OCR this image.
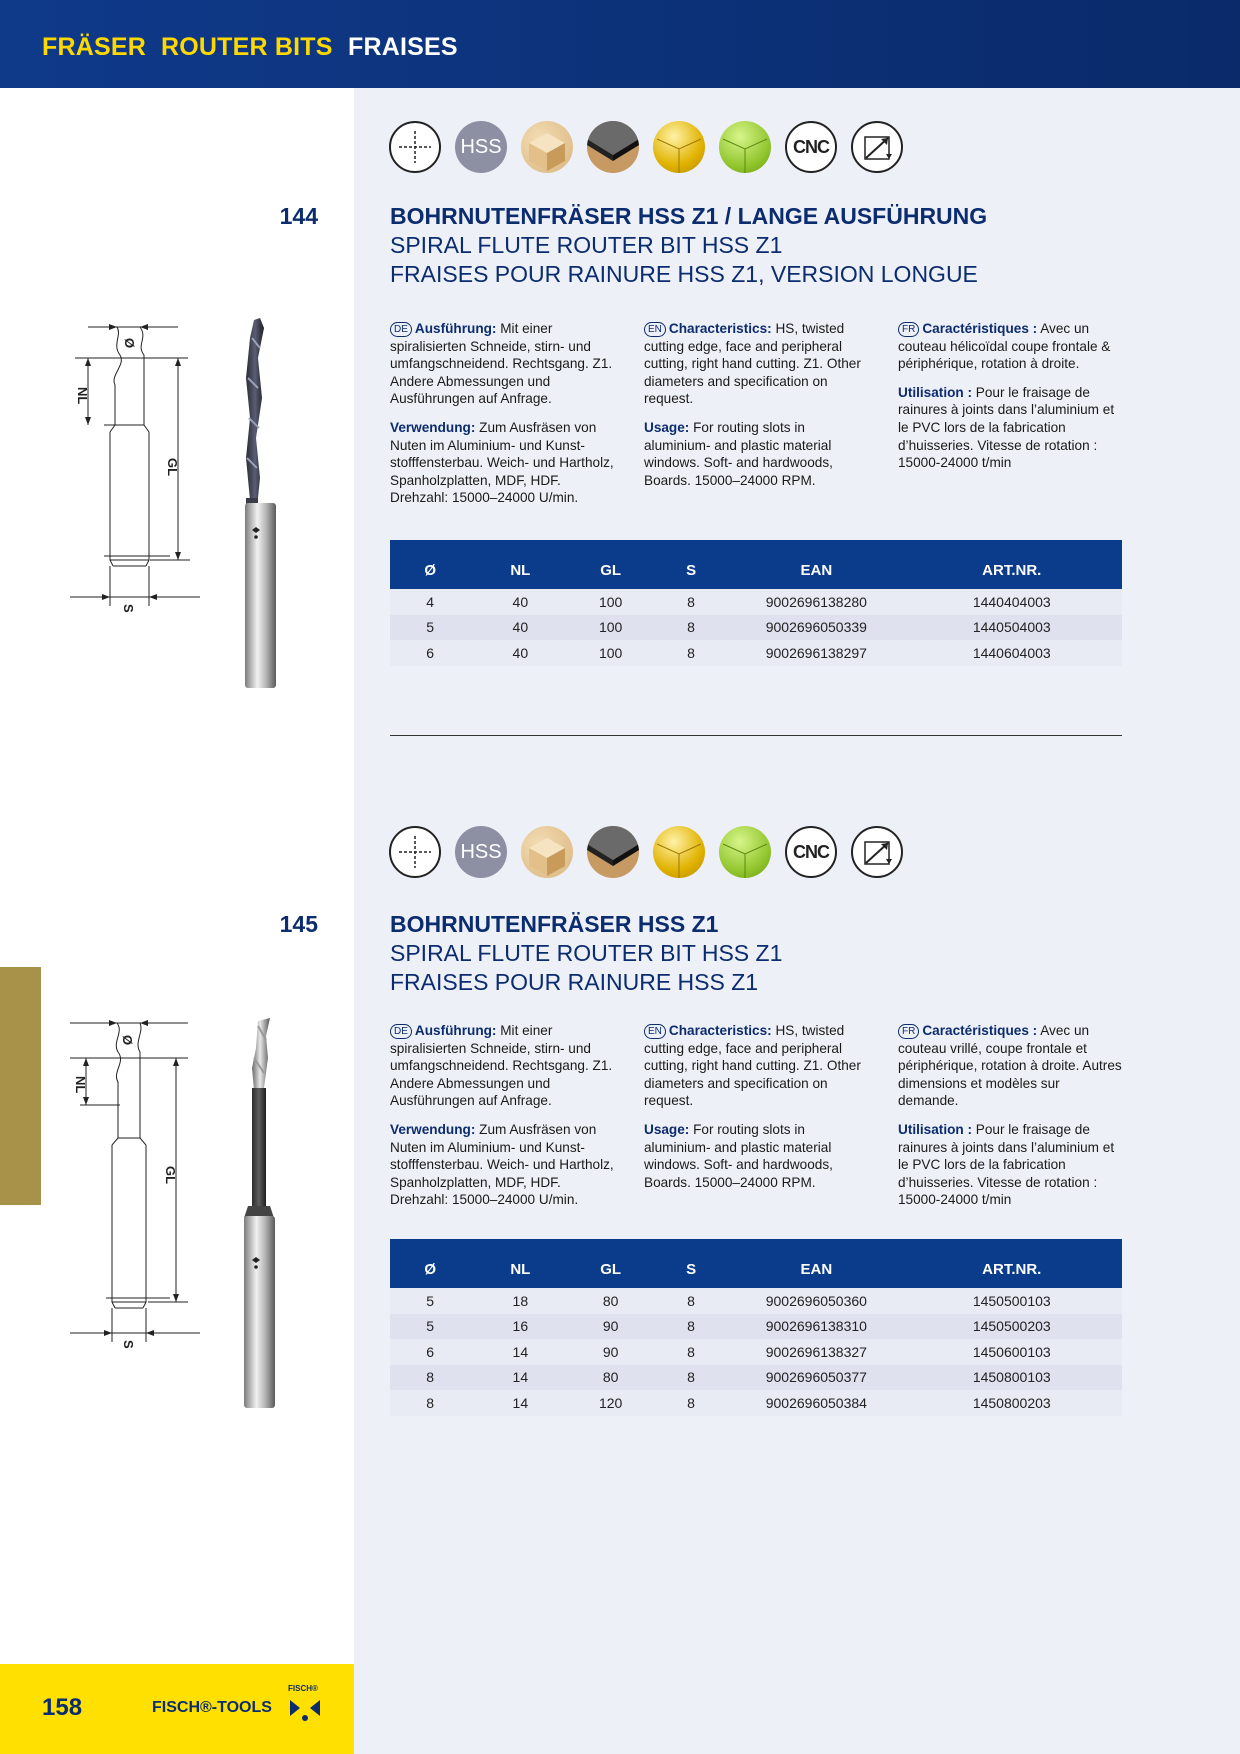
FRÄSER ROUTER BITS FRAISES
HSS	CNC
144	BOHRNUTENFRÄSER HSS Z1 / LANGE AUSFÜHRUNG
SPIRAL FLUTE ROUTER BIT HSS Z1
FRAISES POUR RAINURE HSS Z1, VERSION LONGUE

DE Ausführung: Mit einer spiralisierten Schneide, stirn- und umfangschneidend. Rechtsgang. Z1. Andere Abmessungen und Ausführungen auf Anfrage.

Verwendung: Zum Ausfräsen von Nuten im Aluminium- und Kunststofffensterbau. Weich- und Hartholz, Spanholzplatten, MDF, HDF. Drehzahl: 15000–24000 U/min.

EN Characteristics: HS, twisted cutting edge, face and peripheral cutting, right hand cutting. Z1. Other diameters and specification on request.

Usage: For routing slots in aluminium- and plastic material windows. Soft- and hardwoods, Boards. 15000–24000 RPM.

FR Caractéristiques : Avec un couteau hélicoïdal coupe frontale & périphérique, rotation à droite.

Utilisation : Pour le fraisage de rainures à joints dans l’aluminium et le PVC lors de la fabrication d’huisseries. Vitesse de rotation : 15000-24000 t/min

Ø	NL	GL	S	EAN	ART.NR.
4	40	100	8	9002696138280	1440404003
5	40	100	8	9002696050339	1440504003
6	40	100	8	9002696138297	1440604003
Ø
NL
GL
S
HSS	CNC
145	BOHRNUTENFRÄSER HSS Z1
SPIRAL FLUTE ROUTER BIT HSS Z1
FRAISES POUR RAINURE HSS Z1

DE Ausführung: Mit einer spiralisierten Schneide, stirn- und umfangschneidend. Rechtsgang. Z1. Andere Abmessungen und Ausführungen auf Anfrage.

Verwendung: Zum Ausfräsen von Nuten im Aluminium- und Kunststofffensterbau. Weich- und Hartholz, Spanholzplatten, MDF, HDF. Drehzahl: 15000–24000 U/min.

EN Characteristics: HS, twisted cutting edge, face and peripheral cutting, right hand cutting. Z1. Other diameters and specification on request.

Usage: For routing slots in aluminium- and plastic material windows. Soft- and hardwoods, Boards. 15000–24000 RPM.

FR Caractéristiques : Avec un couteau vrillé, coupe frontale et périphérique, rotation à droite. Autres dimensions et modèles sur demande.

Utilisation : Pour le fraisage de rainures à joints dans l’aluminium et le PVC lors de la fabrication d’huisseries. Vitesse de rotation : 15000-24000 t/min

Ø	NL	GL	S	EAN	ART.NR.
5	18	80	8	9002696050360	1450500103
5	16	90	8	9002696138310	1450500203
6	14	90	8	9002696138327	1450600103
8	14	80	8	9002696050377	1450800103
8	14	120	8	9002696050384	1450800203
Ø
NL
GL
S
158	FISCH®-TOOLS
FISCH®
